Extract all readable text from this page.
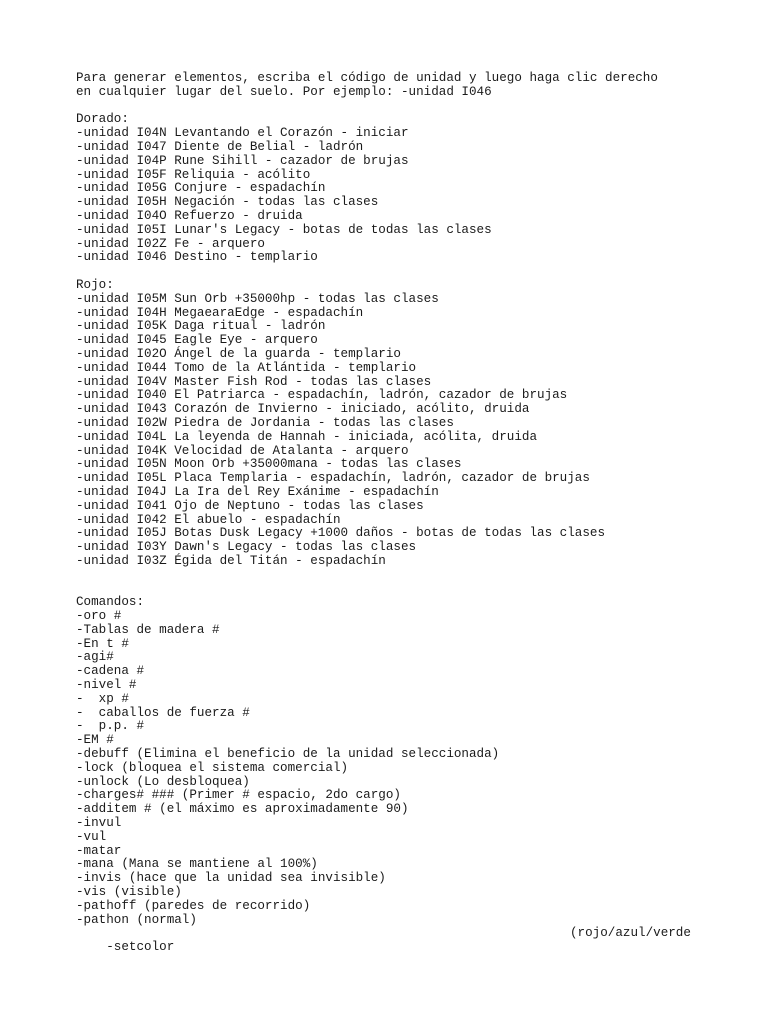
Para generar elementos, escriba el código de unidad y luego haga clic derecho
en cualquier lugar del suelo. Por ejemplo: -unidad I046
Dorado:
-unidad I04N Levantando el Corazón - iniciar
-unidad I047 Diente de Belial - ladrón
-unidad I04P Rune Sihill - cazador de brujas
-unidad I05F Reliquia - acólito
-unidad I05G Conjure - espadachín
-unidad I05H Negación - todas las clases
-unidad I04O Refuerzo - druida
-unidad I05I Lunar's Legacy - botas de todas las clases
-unidad I02Z Fe - arquero
-unidad I046 Destino - templario
Rojo:
-unidad I05M Sun Orb +35000hp - todas las clases
-unidad I04H MegaearaEdge - espadachín
-unidad I05K Daga ritual - ladrón
-unidad I045 Eagle Eye - arquero
-unidad I02O Ángel de la guarda - templario
-unidad I044 Tomo de la Atlántida - templario
-unidad I04V Master Fish Rod - todas las clases
-unidad I040 El Patriarca - espadachín, ladrón, cazador de brujas
-unidad I043 Corazón de Invierno - iniciado, acólito, druida
-unidad I02W Piedra de Jordania - todas las clases
-unidad I04L La leyenda de Hannah - iniciada, acólita, druida
-unidad I04K Velocidad de Atalanta - arquero
-unidad I05N Moon Orb +35000mana - todas las clases
-unidad I05L Placa Templaria - espadachín, ladrón, cazador de brujas
-unidad I04J La Ira del Rey Exánime - espadachín
-unidad I041 Ojo de Neptuno - todas las clases
-unidad I042 El abuelo - espadachín
-unidad I05J Botas Dusk Legacy +1000 daños - botas de todas las clases
-unidad I03Y Dawn's Legacy - todas las clases
-unidad I03Z Égida del Titán - espadachín
Comandos:
-oro #
-Tablas de madera #
-En t #
-agi#
-cadena #
-nivel #
-  xp #
-  caballos de fuerza #
-  p.p. #
-EM #
-debuff (Elimina el beneficio de la unidad seleccionada)
-lock (bloquea el sistema comercial)
-unlock (Lo desbloquea)
-charges# ### (Primer # espacio, 2do cargo)
-additem # (el máximo es aproximadamente 90)
-invul
-vul
-matar
-mana (Mana se mantiene al 100%)
-invis (hace que la unidad sea invisible)
-vis (visible)
-pathoff (paredes de recorrido)
-pathon (normal)

-setcolor

(rojo/azul/verde
